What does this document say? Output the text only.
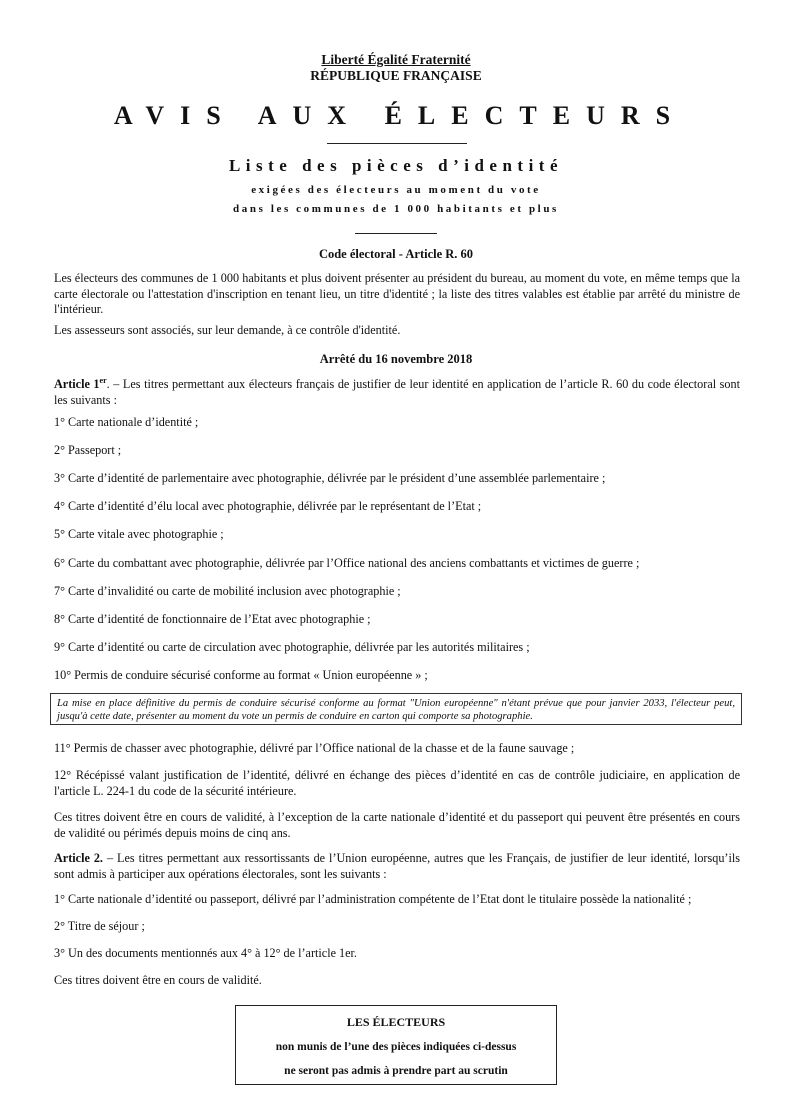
Liberté Égalité Fraternité
RÉPUBLIQUE FRANÇAISE
AVIS AUX ÉLECTEURS
Liste des pièces d’identité
exigées des électeurs au moment du vote
dans les communes de 1 000 habitants et plus
Code électoral - Article R. 60
Les électeurs des communes de 1 000 habitants et plus doivent présenter au président du bureau, au moment du vote, en même temps que la carte électorale ou l'attestation d'inscription en tenant lieu, un titre d'identité ; la liste des titres valables est établie par arrêté du ministre de l'intérieur.
Les assesseurs sont associés, sur leur demande, à ce contrôle d'identité.
Arrêté du 16 novembre 2018
Article 1er. – Les titres permettant aux électeurs français de justifier de leur identité en application de l’article R. 60 du code électoral sont les suivants :
1° Carte nationale d’identité ;
2° Passeport ;
3° Carte d’identité de parlementaire avec photographie, délivrée par le président d’une assemblée parlementaire ;
4° Carte d’identité d’élu local avec photographie, délivrée par le représentant de l’Etat ;
5° Carte vitale avec photographie ;
6° Carte du combattant avec photographie, délivrée par l’Office national des anciens combattants et victimes de guerre ;
7° Carte d’invalidité ou carte de mobilité inclusion avec photographie ;
8° Carte d’identité de fonctionnaire de l’Etat avec photographie ;
9° Carte d’identité ou carte de circulation avec photographie, délivrée par les autorités militaires ;
10° Permis de conduire sécurisé conforme au format « Union européenne » ;
La mise en place définitive du permis de conduire sécurisé conforme au format "Union européenne" n'étant prévue que pour janvier 2033, l'électeur peut, jusqu'à cette date, présenter au moment du vote un permis de conduire en carton qui comporte sa photographie.
11° Permis de chasser avec photographie, délivré par l’Office national de la chasse et de la faune sauvage ;
12° Récépissé valant justification de l’identité, délivré en échange des pièces d’identité en cas de contrôle judiciaire, en application de l'article L. 224-1 du code de la sécurité intérieure.
Ces titres doivent être en cours de validité, à l’exception de la carte nationale d’identité et du passeport qui peuvent être présentés en cours de validité ou périmés depuis moins de cinq ans.
Article 2. – Les titres permettant aux ressortissants de l’Union européenne, autres que les Français, de justifier de leur identité, lorsqu’ils sont admis à participer aux opérations électorales, sont les suivants :
1° Carte nationale d’identité ou passeport, délivré par l’administration compétente de l’Etat dont le titulaire possède la nationalité ;
2° Titre de séjour ;
3° Un des documents mentionnés aux 4° à 12° de l’article 1er.
Ces titres doivent être en cours de validité.
LES ÉLECTEURS
non munis de l’une des pièces indiquées ci-dessus
ne seront pas admis à prendre part au scrutin
